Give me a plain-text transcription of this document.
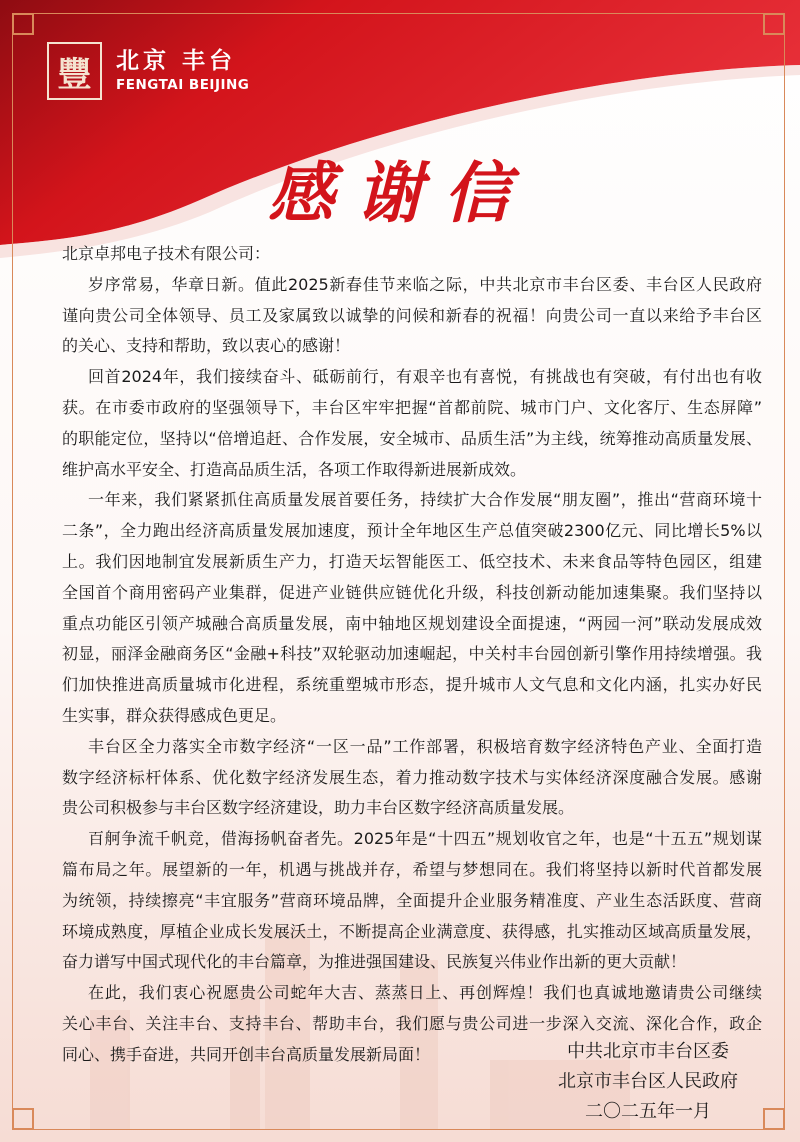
豐	北京 丰台
FENGTAI BEIJING
感谢信
北京卓邦电子技术有限公司：
岁序常易，华章日新。值此2025新春佳节来临之际，中共北京市丰台区委、丰台区人民政府
谨向贵公司全体领导、员工及家属致以诚挚的问候和新春的祝福！向贵公司一直以来给予丰台区
的关心、支持和帮助，致以衷心的感谢！
回首2024年，我们接续奋斗、砥砺前行，有艰辛也有喜悦，有挑战也有突破，有付出也有收
获。在市委市政府的坚强领导下，丰台区牢牢把握“首都前院、城市门户、文化客厅、生态屏障”
的职能定位，坚持以“倍增追赶、合作发展，安全城市、品质生活”为主线，统筹推动高质量发展、
维护高水平安全、打造高品质生活，各项工作取得新进展新成效。
一年来，我们紧紧抓住高质量发展首要任务，持续扩大合作发展“朋友圈”，推出“营商环境十
二条”，全力跑出经济高质量发展加速度，预计全年地区生产总值突破2300亿元、同比增长5%以
上。我们因地制宜发展新质生产力，打造天坛智能医工、低空技术、未来食品等特色园区，组建
全国首个商用密码产业集群，促进产业链供应链优化升级，科技创新动能加速集聚。我们坚持以
重点功能区引领产城融合高质量发展，南中轴地区规划建设全面提速，“两园一河”联动发展成效
初显，丽泽金融商务区“金融+科技”双轮驱动加速崛起，中关村丰台园创新引擎作用持续增强。我
们加快推进高质量城市化进程，系统重塑城市形态，提升城市人文气息和文化内涵，扎实办好民
生实事，群众获得感成色更足。
丰台区全力落实全市数字经济“一区一品”工作部署，积极培育数字经济特色产业、全面打造
数字经济标杆体系、优化数字经济发展生态，着力推动数字技术与实体经济深度融合发展。感谢
贵公司积极参与丰台区数字经济建设，助力丰台区数字经济高质量发展。
百舸争流千帆竞，借海扬帆奋者先。2025年是“十四五”规划收官之年，也是“十五五”规划谋
篇布局之年。展望新的一年，机遇与挑战并存，希望与梦想同在。我们将坚持以新时代首都发展
为统领，持续擦亮“丰宜服务”营商环境品牌，全面提升企业服务精准度、产业生态活跃度、营商
环境成熟度，厚植企业成长发展沃土，不断提高企业满意度、获得感，扎实推动区域高质量发展，
奋力谱写中国式现代化的丰台篇章，为推进强国建设、民族复兴伟业作出新的更大贡献！
在此，我们衷心祝愿贵公司蛇年大吉、蒸蒸日上、再创辉煌！我们也真诚地邀请贵公司继续
关心丰台、关注丰台、支持丰台、帮助丰台，我们愿与贵公司进一步深入交流、深化合作，政企
同心、携手奋进，共同开创丰台高质量发展新局面！	中共北京市丰台区委
北京市丰台区人民政府
二〇二五年一月
